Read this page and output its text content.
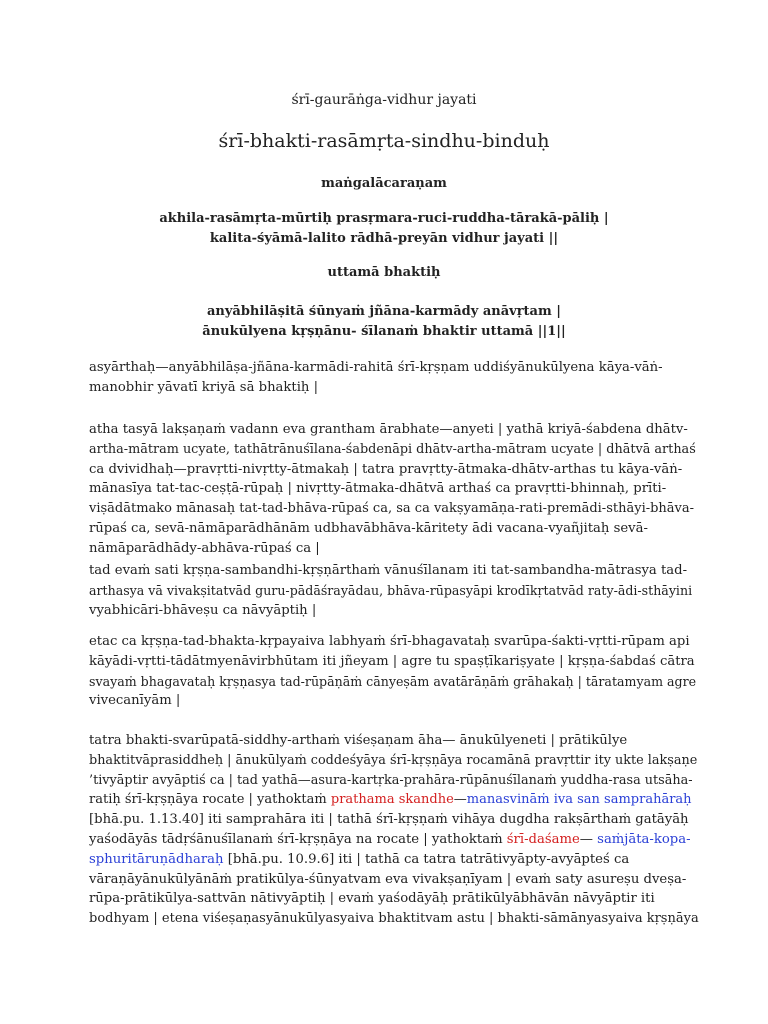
śrī-gaurāṅga-vidhur jayati
śrī-bhakti-rasāmṛta-sindhu-binduḥ
maṅgalācaraṇam
akhila-rasāmṛta-mūrtiḥ prasṛmara-ruci-ruddha-tārakā-pāliḥ |
kalita-śyāmā-lalito rādhā-preyān vidhur jayati ||
uttamā bhaktiḥ
anyābhilāṣitā śūnyaṁ jñāna-karmādy anāvṛtam |
ānukūlyena kṛṣṇānu- śīlanaṁ bhaktir uttamā ||1||
asyārthaḥ—anyābhilāṣa-jñāna-karmādi-rahitā śrī-kṛṣṇam uddiśyānukūlyena kāya-vāṅ-
manobhir yāvatī kriyā sā bhaktiḥ |
atha tasyā lakṣaṇaṁ vadann eva grantham ārabhate—anyeti | yathā kriyā-śabdena dhātv-
artha-mātram ucyate, tathātrānuśīlana-śabdenāpi dhātv-artha-mātram ucyate | dhātvā arthaś
ca dvividhaḥ—pravṛtti-nivṛtty-ātmakaḥ | tatra pravṛtty-ātmaka-dhātv-arthas tu kāya-vāṅ-
mānasīya tat-tac-ceṣṭā-rūpaḥ | nivṛtty-ātmaka-dhātvā arthaś ca pravṛtti-bhinnaḥ, prīti-
viṣādātmako mānasaḥ tat-tad-bhāva-rūpaś ca, sa ca vakṣyamāṇa-rati-premādi-sthāyi-bhāva-
rūpaś ca, sevā-nāmāparādhānām udbhavābhāva-kāritety ādi vacana-vyañjitaḥ sevā-
nāmāparādhādy-abhāva-rūpaś ca |
tad evaṁ sati kṛṣṇa-sambandhi-kṛṣṇārthaṁ vānuśīlanam iti tat-sambandha-mātrasya tad-
arthasya vā vivakṣitatvād guru-pādāśrayādau, bhāva-rūpasyāpi krodīkṛtatvād raty-ādi-sthāyini
vyabhicāri-bhāveṣu ca nāvyāptiḥ |
etac ca kṛṣṇa-tad-bhakta-kṛpayaiva labhyaṁ śrī-bhagavataḥ svarūpa-śakti-vṛtti-rūpam api
kāyādi-vṛtti-tādātmyenāvirbhūtam iti jñeyam | agre tu spaṣṭīkariṣyate | kṛṣṇa-śabdaś cātra
svayaṁ bhagavataḥ kṛṣṇasya tad-rūpāṇāṁ cānyeṣām avatārāṇāṁ grāhakaḥ | tāratamyam agre
vivecanīyām |
tatra bhakti-svarūpatā-siddhy-arthaṁ viśeṣaṇam āha— ānukūlyeneti | prātikūlye
bhaktitvāprasiddheḥ | ānukūlyaṁ coddeśyāya śrī-kṛṣṇāya rocamānā pravṛttir ity ukte lakṣaṇe
’tivyāptir avyāptiś ca | tad yathā—asura-kartṛka-prahāra-rūpānuśīlanaṁ yuddha-rasa utsāha-
ratiḥ śrī-kṛṣṇāya rocate | yathoktaṁ prathama skandhe—manasvināṁ iva san samprahāraḥ
[bhā.pu. 1.13.40] iti samprahāra iti | tathā śrī-kṛṣṇaṁ vihāya dugdha rakṣārthaṁ gatāyāḥ
yaśodāyās tādṛśānuśīlanaṁ śrī-kṛṣṇāya na rocate | yathoktaṁ śrī-daśame— saṁjāta-kopa-
sphuritāruṇādharaḥ [bhā.pu. 10.9.6] iti | tathā ca tatra tatrātivyāpty-avyāpteś ca
vāraṇāyānukūlyānāṁ pratikūlya-śūnyatvam eva vivakṣaṇīyam | evaṁ saty asureṣu dveṣa-
rūpa-prātikūlya-sattvān nātivyāptiḥ | evaṁ yaśodāyāḥ prātikūlyābhāvān nāvyāptir iti
bodhyam | etena viśeṣaṇasyānukūlyasyaiva bhaktitvam astu | bhakti-sāmānyasyaiva kṛṣṇāya
